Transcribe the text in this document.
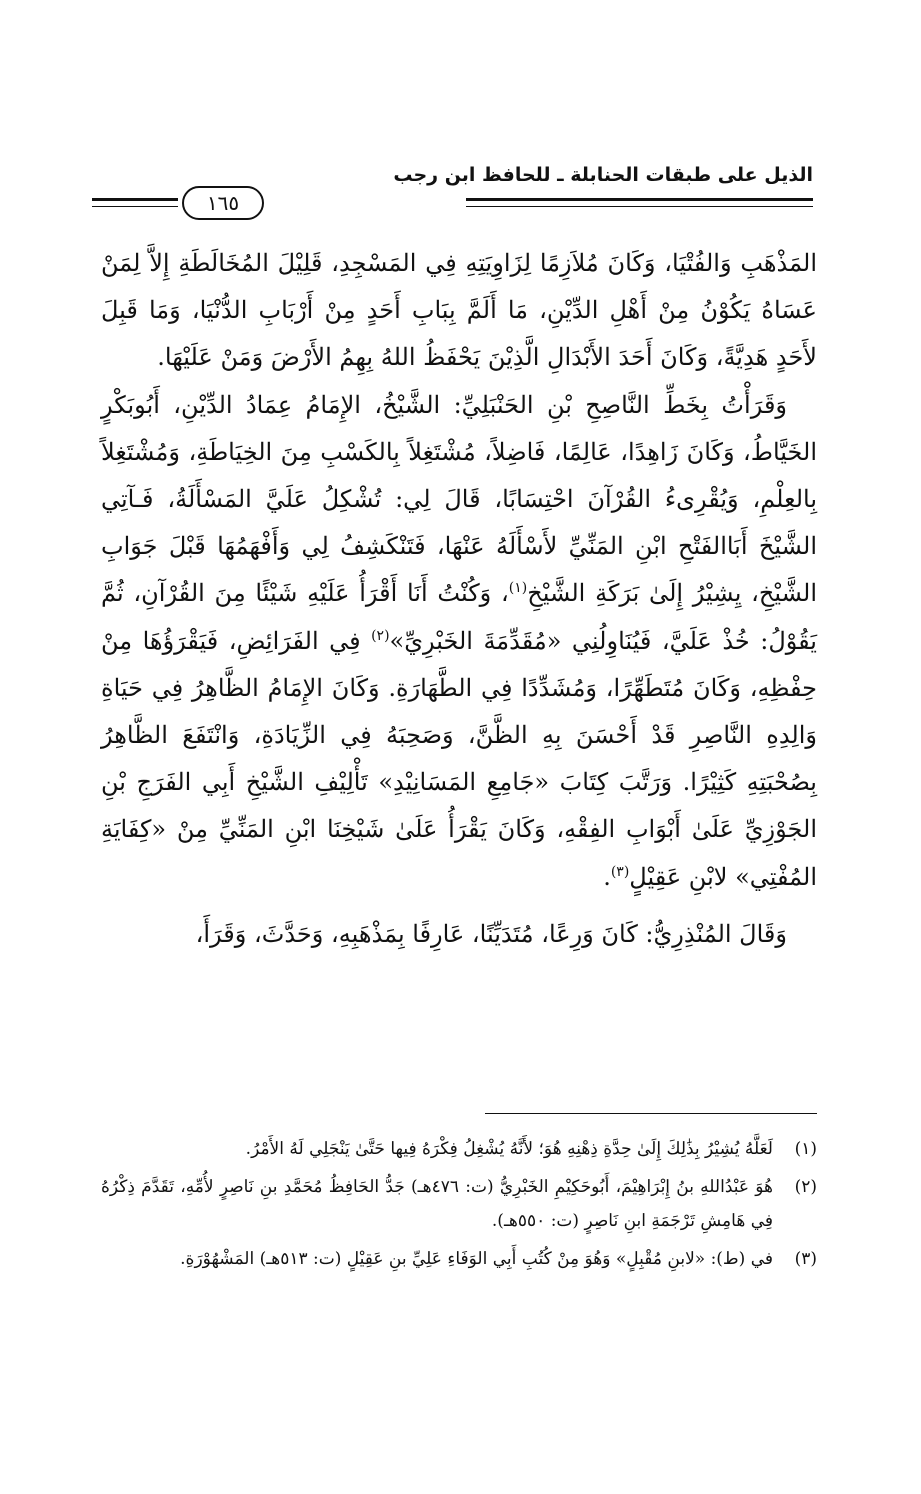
الذيل على طبقات الحنابلة ـ للحافظ ابن رجب
١٦٥

المَذْهَبِ وَالفُتْيَا، وَكَانَ مُلاَزِمًا لِزَاوِيَتِهِ فِي المَسْجِدِ، قَلِيْلَ المُخَالَطَةِ إِلاَّ لِمَنْ عَسَاهُ يَكُوْنُ مِنْ أَهْلِ الدِّيْنِ، مَا أَلَمَّ بِبَابِ أَحَدٍ مِنْ أَرْبَابِ الدُّنْيَا، وَمَا قَبِلَ لأَحَدٍ هَدِيَّةً، وَكَانَ أَحَدَ الأَبْدَالِ الَّذِيْنَ يَحْفَظُ اللهُ بِهِمُ الأَرْضَ وَمَنْ عَلَيْهَا.

وَقَرَأْتُ بِخَطِّ النَّاصِحِ بْنِ الحَنْبَلِيِّ: الشَّيْخُ، الإِمَامُ عِمَادُ الدِّيْنِ، أَبُوبَكْرٍ الخَيَّاطُ، وَكَانَ زَاهِدًا، عَالِمًا، فَاضِلاً، مُشْتَغِلاً بِالكَسْبِ مِنَ الخِيَاطَةِ، وَمُشْتَغِلاً بِالعِلْمِ، وَيُقْرِىءُ القُرْآنَ احْتِسَابًا، قَالَ لِي: تُشْكِلُ عَلَيَّ المَسْأَلَةُ، فَـآتِي الشَّيْخَ أَبَاالفَتْحِ ابْنِ المَنِّيِّ لأَسْأَلَهُ عَنْهَا، فَتَنْكَشِفُ لِي وَأَفْهَمُهَا قَبْلَ جَوَابِ الشَّيْخِ، يِشِيْرُ إِلَىٰ بَرَكَةِ الشَّيْخِ$^{(١)}$، وَكُنْتُ أَنَا أَقْرَأُ عَلَيْهِ شَيْئًا مِنَ القُرْآنِ، ثُمَّ يَقُوْلُ: خُذْ عَلَيَّ، فَيُنَاوِلُنِي «مُقَدِّمَةَ الخَبْرِيِّ»$^{(٢)}$ فِي الفَرَائِضِ، فَيَقْرَؤُهَا مِنْ حِفْظِهِ، وَكَانَ مُتَطَهِّرًا، وَمُشَدِّدًا فِي الطَّهَارَةِ. وَكَانَ الإِمَامُ الظَّاهِرُ فِي حَيَاةِ وَالِدِهِ النَّاصِرِ قَدْ أَحْسَنَ بِهِ الظَّنَّ، وَصَحِبَهُ فِي الزِّيَادَةِ، وَانْتَفَعَ الظَّاهِرُ بِصُحْبَتِهِ كَثِيْرًا. وَرَتَّبَ كِتَابَ «جَامِعِ المَسَانِيْدِ» تَأْلِيْفِ الشَّيْخِ أَبِي الفَرَجِ بْنِ الجَوْزِيِّ عَلَىٰ أَبْوَابِ الفِقْهِ، وَكَانَ يَقْرَأُ عَلَىٰ شَيْخِنَا ابْنِ المَنِّيِّ مِنْ «كِفَايَةِ المُفْتِي» لابْنِ عَقِيْلٍ$^{(٣)}$.

وَقَالَ المُنْذِرِيُّ: كَانَ وَرِعًا، مُتَدَيِّنًا، عَارِفًا بِمَذْهَبِهِ، وَحَدَّثَ، وَقَرَأَ،

(١)
لَعَلَّهُ يُشِيْرُ بِذَٰلِكَ إِلَىٰ حِدَّةِ ذِهْنِهِ هُوَ؛ لأَنَّهُ يُشْغِلُ فِكْرَهُ فِيها حَتَّىٰ يَنْجَلِي لَهُ الأَمْرُ.
(٢)
هُوَ عَبْدُاللهِ بنُ إِبْرَاهِيْمَ، أَبُوحَكِيْمِ الخَبْرِيُّ (ت: ٤٧٦هـ) جَدُّ الحَافِظُ مُحَمَّدِ بنِ نَاصِرٍ لأُمِّهِ، تَقَدَّمَ ذِكْرُهُ فِي هَامِشِ تَرْجَمَةِ ابنِ نَاصِرٍ (ت: ٥٥٠هـ).
(٣)
في (ط): «لابنِ مُقْبِلٍ» وَهُوَ مِنْ كُتُبِ أَبِي الوَفَاءِ عَلِيِّ بنِ عَقِيْلٍ (ت: ٥١٣هـ) المَشْهُوْرَةِ.
